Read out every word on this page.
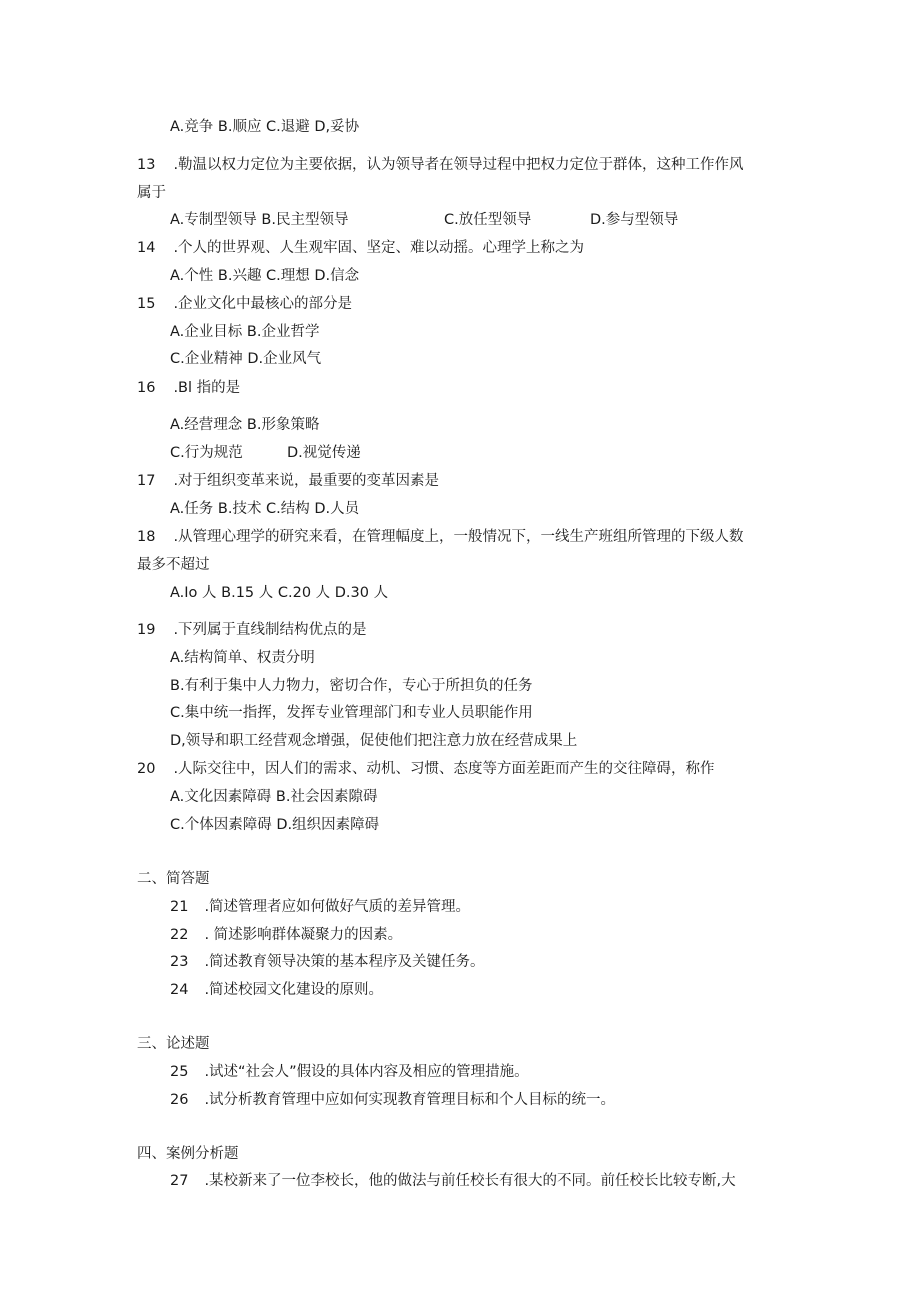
A.竞争 B.顺应 C.退避 D,妥协
13 .勒温以权力定位为主要依据，认为领导者在领导过程中把权力定位于群体，这种工作作风
属于
A.专制型领导 B.民主型领导	C.放任型领导	D.参与型领导
14 .个人的世界观、人生观牢固、坚定、难以动摇。心理学上称之为
A.个性 B.兴趣 C.理想 D.信念
15 .企业文化中最核心的部分是
A.企业目标 B.企业哲学
C.企业精神 D.企业风气
16 .Bl 指的是
A.经营理念 B.形象策略
C.行为规范	D.视觉传递
17 .对于组织变革来说，最重要的变革因素是
A.任务 B.技术 C.结构 D.人员
18 .从管理心理学的研究来看，在管理幅度上，一般情况下，一线生产班组所管理的下级人数
最多不超过
A.Io 人 B.15 人 C.20 人 D.30 人
19 .下列属于直线制结构优点的是
A.结构简单、权责分明
B.有利于集中人力物力，密切合作，专心于所担负的任务
C.集中统一指挥，发挥专业管理部门和专业人员职能作用
D,领导和职工经营观念增强，促使他们把注意力放在经营成果上
20 .人际交往中，因人们的需求、动机、习惯、态度等方面差距而产生的交往障碍，称作
A.文化因素障碍 B.社会因素隙碍
C.个体因素障碍 D.组织因素障碍
二、简答题
21 .简述管理者应如何做好气质的差异管理。
22 . 简述影响群体凝聚力的因素。
23 .简述教育领导决策的基本程序及关键任务。
24 .简述校园文化建设的原则。
三、论述题
25 .试述“社会人”假设的具体内容及相应的管理措施。
26 .试分析教育管理中应如何实现教育管理目标和个人目标的统一。
四、案例分析题
27 .某校新来了一位李校长，他的做法与前任校长有很大的不同。前任校长比较专断,大
